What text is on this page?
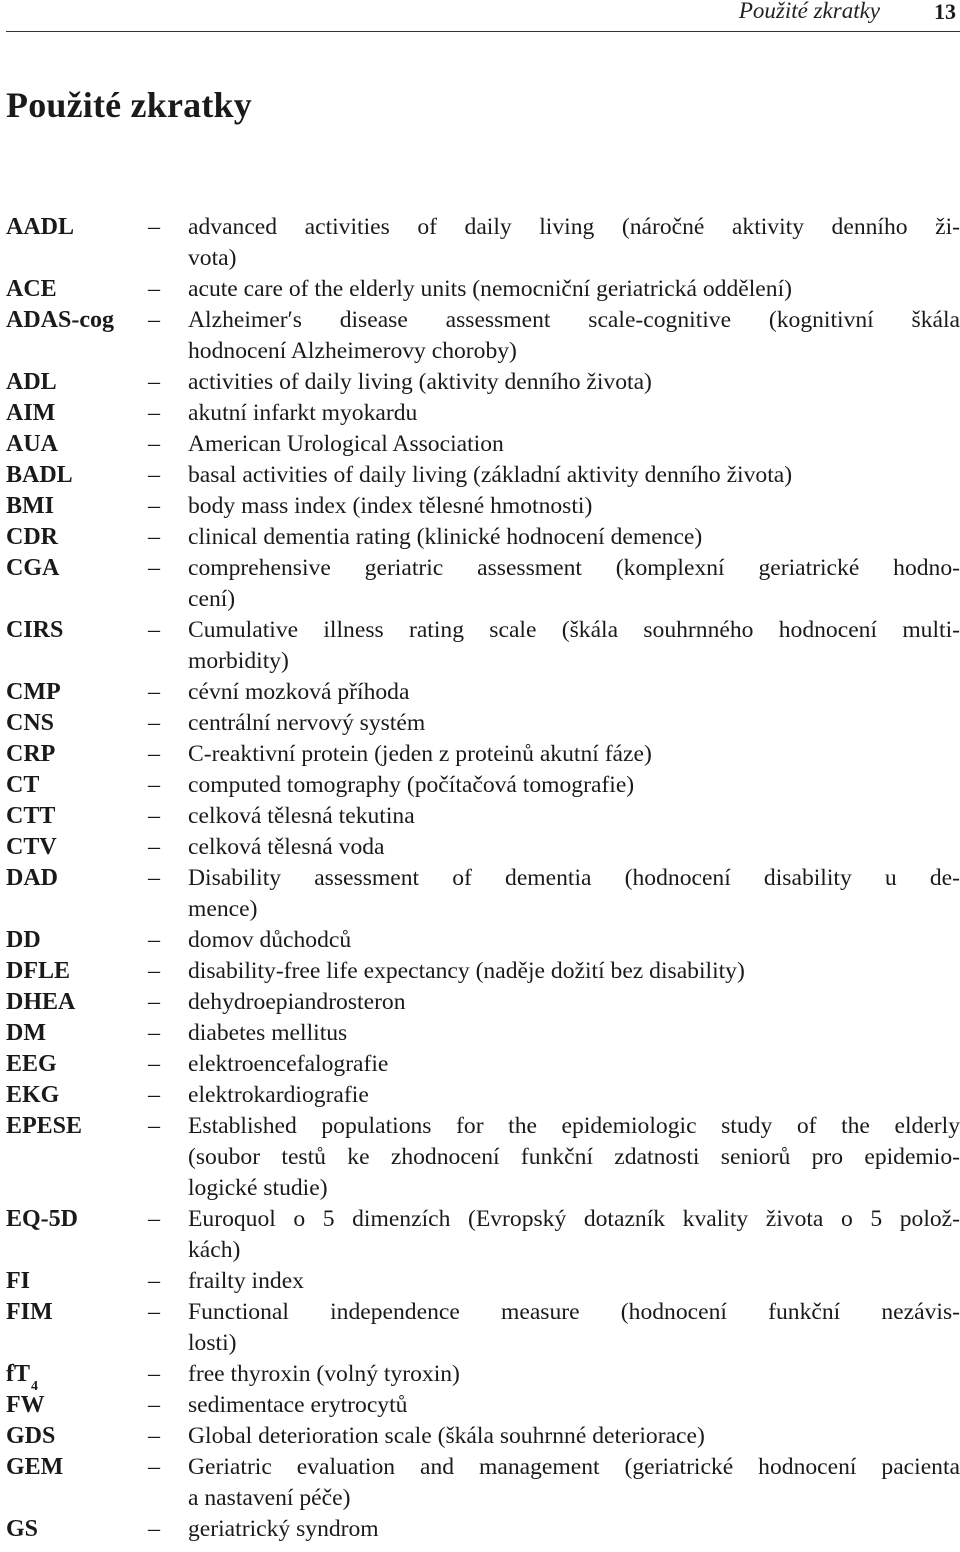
Použité zkratky 13
Použité zkratky
AADL	– advanced activities of daily living (náročné aktivity denního ži-
vota)
ACE	– acute care of the elderly units (nemocniční geriatrická oddělení)
ADAS-cog – Alzheimer′s disease assessment scale-cognitive (kognitivní škála
hodnocení Alzheimerovy choroby)
ADL	– activities of daily living (aktivity denního života)
AIM	– akutní infarkt myokardu
AUA	– American Urological Association
BADL	– basal activities of daily living (základní aktivity denního života)
BMI	– body mass index (index tělesné hmotnosti)
CDR	– clinical dementia rating (klinické hodnocení demence)
CGA	– comprehensive geriatric assessment (komplexní geriatrické hodno-
cení)
CIRS	– Cumulative illness rating scale (škála souhrnného hodnocení multi-
morbidity)
CMP	– cévní mozková příhoda
CNS	– centrální nervový systém
CRP	– C-reaktivní protein (jeden z proteinů akutní fáze)
CT	– computed tomography (počítačová tomografie)
CTT	– celková tělesná tekutina
CTV	– celková tělesná voda
DAD	– Disability assessment of dementia (hodnocení disability u de-
mence)
DD	– domov důchodců
DFLE	– disability-free life expectancy (naděje dožití bez disability)
DHEA	– dehydroepiandrosteron
DM	– diabetes mellitus
EEG	– elektroencefalografie
EKG	– elektrokardiografie
EPESE	– Established populations for the epidemiologic study of the elderly
(soubor testů ke zhodnocení funkční zdatnosti seniorů pro epidemio-
logické studie)
EQ-5D	– Euroquol o 5 dimenzích (Evropský dotazník kvality života o 5 polož-
kách)
FI	– frailty index
FIM	– Functional independence measure (hodnocení funkční nezávis-
losti)
$fT_4$	– free thyroxin (volný tyroxin)
FW	– sedimentace erytrocytů
GDS	– Global deterioration scale (škála souhrnné deteriorace)
GEM	– Geriatric evaluation and management (geriatrické hodnocení pacienta
a nastavení péče)
GS	– geriatrický syndrom
